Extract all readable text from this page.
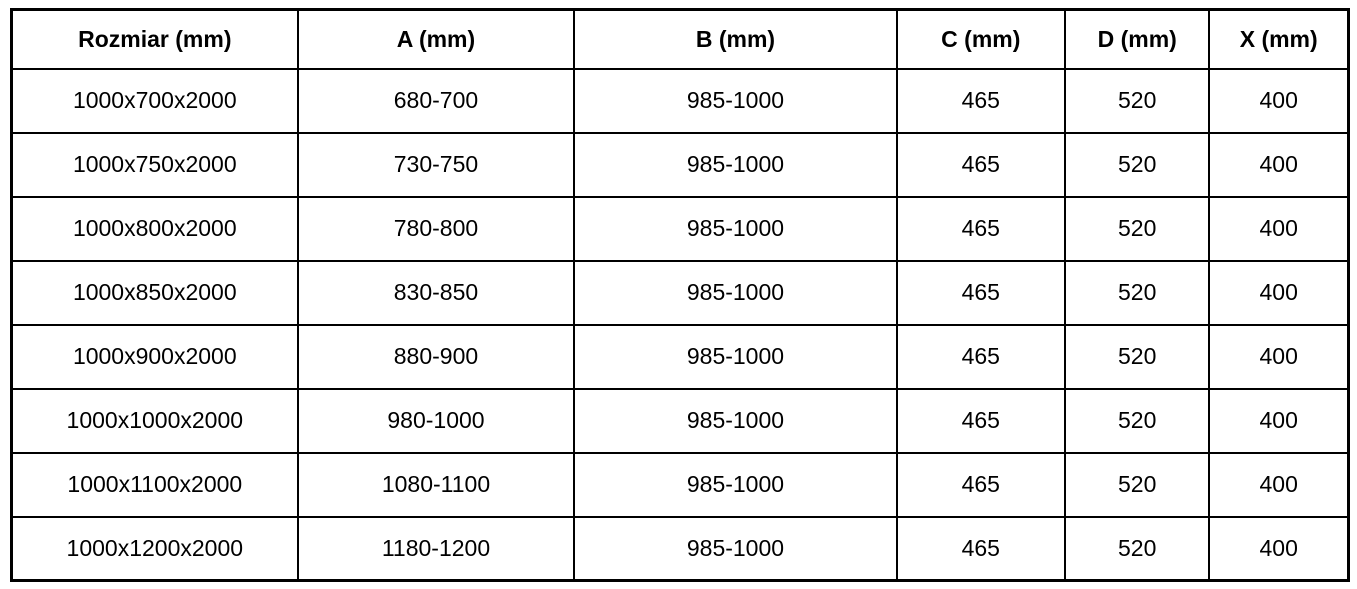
Rozmiar (mm)	A (mm)	B (mm)	C (mm)	D (mm)	X (mm)
1000x700x2000	680-700	985-1000	465	520	400
1000x750x2000	730-750	985-1000	465	520	400
1000x800x2000	780-800	985-1000	465	520	400
1000x850x2000	830-850	985-1000	465	520	400
1000x900x2000	880-900	985-1000	465	520	400
1000x1000x2000	980-1000	985-1000	465	520	400
1000x1100x2000	1080-1100	985-1000	465	520	400
1000x1200x2000	1180-1200	985-1000	465	520	400
